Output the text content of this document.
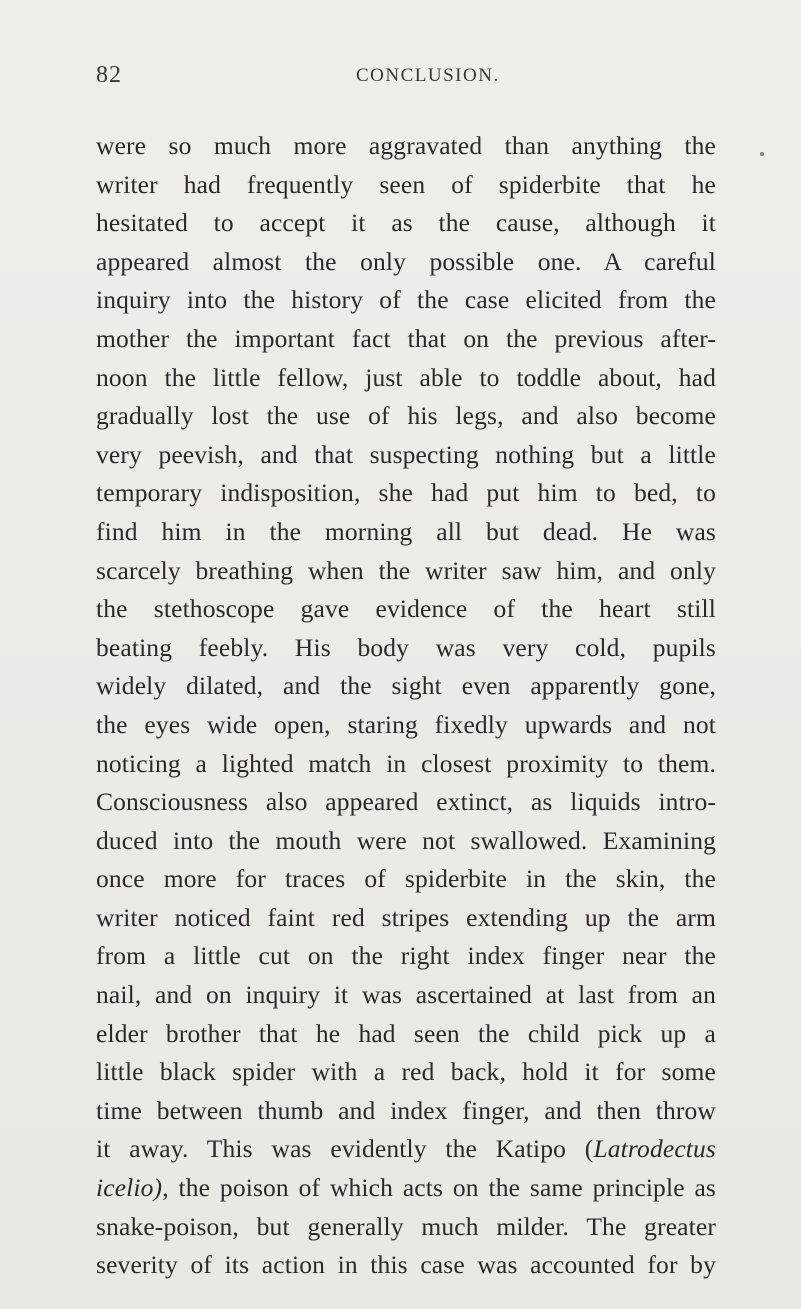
82	CONCLUSION.
were so much more aggravated than anything the
writer had frequently seen of spiderbite that he
hesitated to accept it as the cause, although it
appeared almost the only possible one. A careful
inquiry into the history of the case elicited from the
mother the important fact that on the previous after-
noon the little fellow, just able to toddle about, had
gradually lost the use of his legs, and also become
very peevish, and that suspecting nothing but a little
temporary indisposition, she had put him to bed, to
find him in the morning all but dead. He was
scarcely breathing when the writer saw him, and only
the stethoscope gave evidence of the heart still
beating feebly. His body was very cold, pupils
widely dilated, and the sight even apparently gone,
the eyes wide open, staring fixedly upwards and not
noticing a lighted match in closest proximity to them.
Consciousness also appeared extinct, as liquids intro-
duced into the mouth were not swallowed. Examining
once more for traces of spiderbite in the skin, the
writer noticed faint red stripes extending up the arm
from a little cut on the right index finger near the
nail, and on inquiry it was ascertained at last from an
elder brother that he had seen the child pick up a
little black spider with a red back, hold it for some
time between thumb and index finger, and then throw
it away. This was evidently the Katipo (Latrodectus
icelio), the poison of which acts on the same principle as
snake-poison, but generally much milder. The greater
severity of its action in this case was accounted for by
